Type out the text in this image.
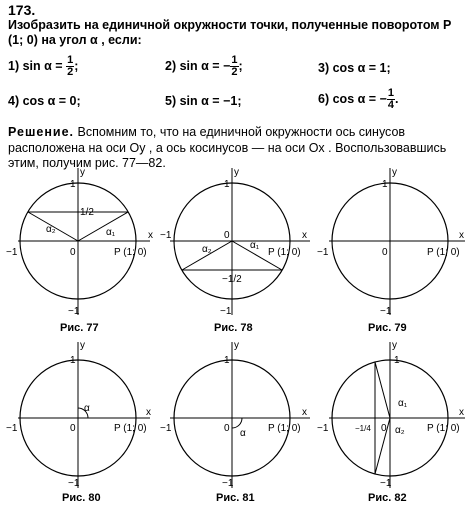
173.
Изобразить на единичной окружности точки, полученные поворотом P (1; 0) на угол α , если:
1) $\sin \alpha = \frac{1}{2}$ ;	2) sin α = − $\frac{1}{2}$ ;	3) cos α = 1;
4) cos α = 0;	5) sin α = −1;	6) cos α = − $\frac{1}{4}$ .
Решение. Вспомним то, что на единичной окружности ось синусов расположена на оси Oy , а ось косинусов — на оси Ox . Воспользовавшись этим, получим рис. 77—82.
y
x
1
1/2
−1	0	P (1; 0)
−1
α₂	α₁
Рис. 77
y
x
1
−1	0
P (1; 0)
−1/2
−1
α₂	α₁
Рис. 78
y
x
1
−1	0	P (1; 0)
−1
Рис. 79
y
x
1
α
−1	0	P (1; 0)
−1
Рис. 80
y
x
1
−1	0 α P (1; 0)
−1
Рис. 81
y
x
1
−1	−1/4 0
α₁
α₂ P (1; 0)
−1
Рис. 82
